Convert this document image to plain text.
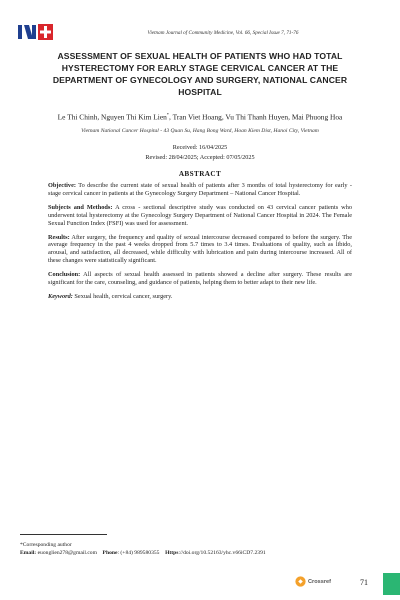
Vietnam Journal of Community Medicine, Vol. 66, Special Issue 7, 71-76
ASSESSMENT OF SEXUAL HEALTH OF PATIENTS WHO HAD TOTAL HYSTERECTOMY FOR EARLY STAGE CERVICAL CANCER AT THE DEPARTMENT OF GYNECOLOGY AND SURGERY, NATIONAL CANCER HOSPITAL
Le Thi Chinh, Nguyen Thi Kim Lien*, Tran Viet Hoang, Vu Thi Thanh Huyen, Mai Phuong Hoa
Vietnam National Cancer Hospital - 43 Quan Su, Hang Bong Ward, Hoan Kiem Dist, Hanoi City, Vietnam
Received: 16/04/2025
Revised: 28/04/2025; Accepted: 07/05/2025
ABSTRACT

Objective: To describe the current state of sexual health of patients after 3 months of total hysterectomy for early - stage cervical cancer in patients at the Gynecology Surgery Department – National Cancer Hospital.

Subjects and Methods: A cross - sectional descriptive study was conducted on 43 cervical cancer patients who underwent total hysterectomy at the Gynecology Surgery Department of National Cancer Hospital in 2024. The Female Sexual Function Index (FSFI) was used for assessment.

Results: After surgery, the frequency and quality of sexual intercourse decreased compared to before the surgery. The average frequency in the past 4 weeks dropped from 5.7 times to 3.4 times. Evaluations of quality, such as libido, arousal, and satisfaction, all decreased, while difficulty with lubrication and pain during intercourse increased. All of these changes were statistically significant.

Conclusion: All aspects of sexual health assessed in patients showed a decline after surgery. These results are significant for the care, counseling, and guidance of patients, helping them to better adapt to their new life.

Keyword: Sexual health, cervical cancer, surgery.

*Corresponding author
Email: euonglien278@gmail.com Phone: (+84) 989580355 Https://doi.org/10.52163/yhc.v66iCD7.2391
Crossref	71
